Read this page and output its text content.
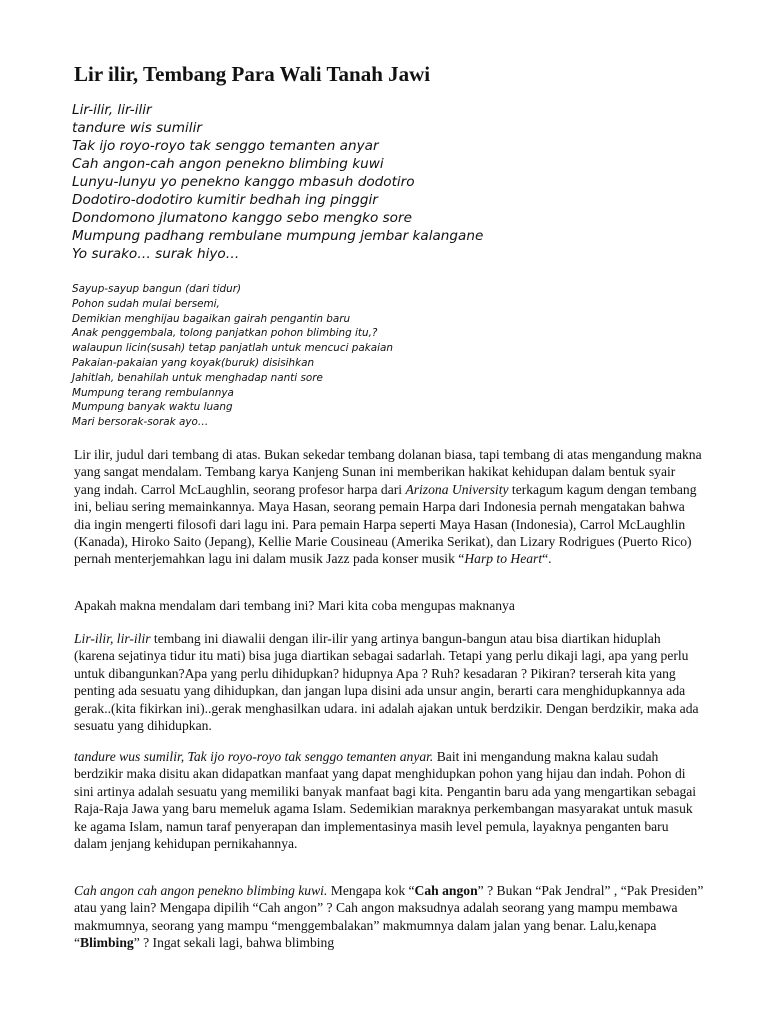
Lir ilir, Tembang Para Wali Tanah Jawi
Lir-ilir, lir-ilir
tandure wis sumilir
Tak ijo royo-royo tak senggo temanten anyar
Cah angon-cah angon penekno blimbing kuwi
Lunyu-lunyu yo penekno kanggo mbasuh dodotiro
Dodotiro-dodotiro kumitir bedhah ing pinggir
Dondomono jlumatono kanggo sebo mengko sore
Mumpung padhang rembulane mumpung jembar kalangane
Yo surako… surak hiyo…
Sayup-sayup bangun (dari tidur)
Pohon sudah mulai bersemi,
Demikian menghijau bagaikan gairah pengantin baru
Anak penggembala, tolong panjatkan pohon blimbing itu,?
walaupun licin(susah) tetap panjatlah untuk mencuci pakaian
Pakaian-pakaian yang koyak(buruk) disisihkan
Jahitlah, benahilah untuk menghadap nanti sore
Mumpung terang rembulannya
Mumpung banyak waktu luang
Mari bersorak-sorak ayo…

Lir ilir, judul dari tembang di atas. Bukan sekedar tembang dolanan biasa, tapi tembang di atas mengandung makna yang sangat mendalam. Tembang karya Kanjeng Sunan ini memberikan hakikat kehidupan dalam bentuk syair yang indah. Carrol McLaughlin, seorang profesor harpa dari Arizona University terkagum kagum dengan tembang ini, beliau sering memainkannya. Maya Hasan, seorang pemain Harpa dari Indonesia pernah mengatakan bahwa dia ingin mengerti filosofi dari lagu ini. Para pemain Harpa seperti Maya Hasan (Indonesia), Carrol McLaughlin (Kanada), Hiroko Saito (Jepang), Kellie Marie Cousineau (Amerika Serikat), dan Lizary Rodrigues (Puerto Rico) pernah menterjemahkan lagu ini dalam musik Jazz pada konser musik “Harp to Heart“.

Apakah makna mendalam dari tembang ini? Mari kita coba mengupas maknanya

Lir-ilir, lir-ilir tembang ini diawalii dengan ilir-ilir yang artinya bangun-bangun atau bisa diartikan hiduplah (karena sejatinya tidur itu mati) bisa juga diartikan sebagai sadarlah. Tetapi yang perlu dikaji lagi, apa yang perlu untuk dibangunkan?Apa yang perlu dihidupkan? hidupnya Apa ? Ruh? kesadaran ? Pikiran? terserah kita yang penting ada sesuatu yang dihidupkan, dan jangan lupa disini ada unsur angin, berarti cara menghidupkannya ada gerak..(kita fikirkan ini)..gerak menghasilkan udara. ini adalah ajakan untuk berdzikir. Dengan berdzikir, maka ada sesuatu yang dihidupkan.

tandure wus sumilir, Tak ijo royo-royo tak senggo temanten anyar. Bait ini mengandung makna kalau sudah berdzikir maka disitu akan didapatkan manfaat yang dapat menghidupkan pohon yang hijau dan indah. Pohon di sini artinya adalah sesuatu yang memiliki banyak manfaat bagi kita. Pengantin baru ada yang mengartikan sebagai Raja-Raja Jawa yang baru memeluk agama Islam. Sedemikian maraknya perkembangan masyarakat untuk masuk ke agama Islam, namun taraf penyerapan dan implementasinya masih level pemula, layaknya penganten baru dalam jenjang kehidupan pernikahannya.

Cah angon cah angon penekno blimbing kuwi. Mengapa kok “Cah angon” ? Bukan “Pak Jendral” , “Pak Presiden” atau yang lain? Mengapa dipilih “Cah angon” ? Cah angon maksudnya adalah seorang yang mampu membawa makmumnya, seorang yang mampu “menggembalakan” makmumnya dalam jalan yang benar. Lalu,kenapa “Blimbing” ? Ingat sekali lagi, bahwa blimbing
